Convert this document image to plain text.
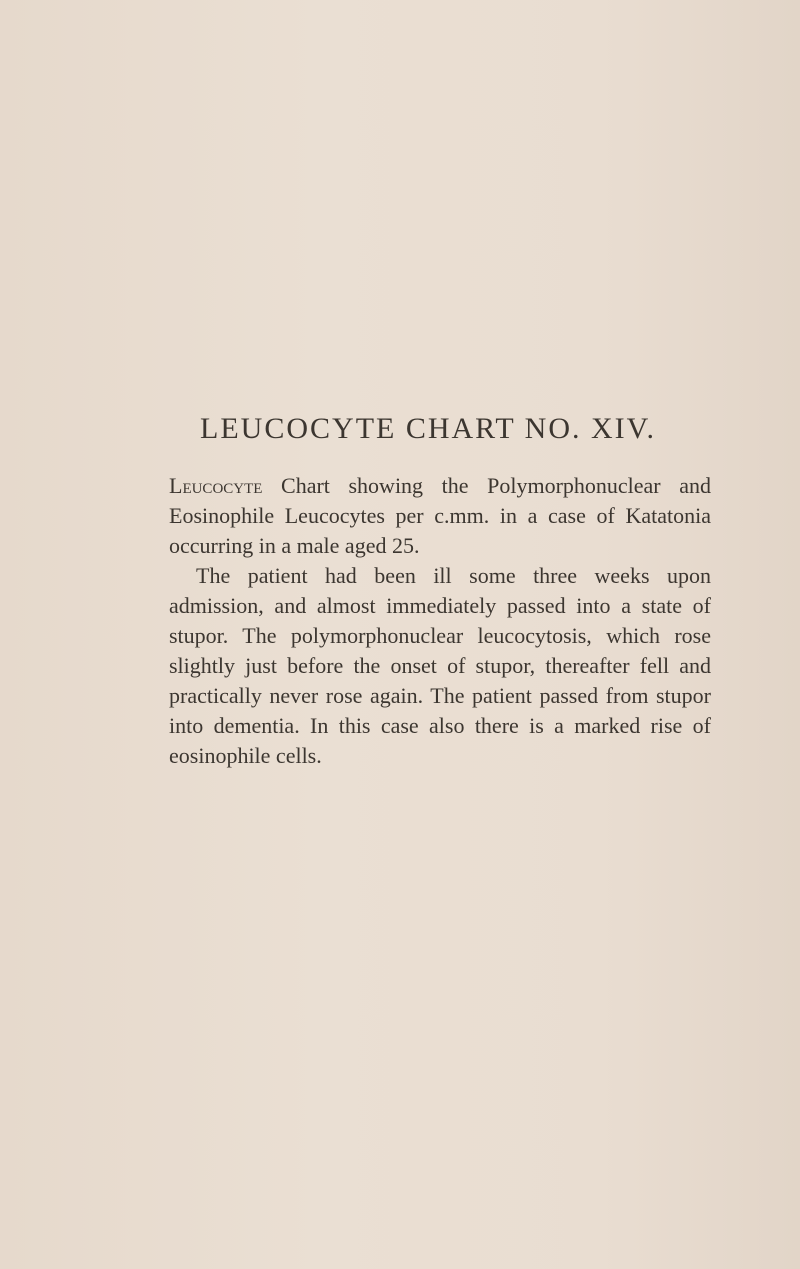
LEUCOCYTE CHART NO. XIV.

Leucocyte Chart showing the Polymorphonuclear and Eosinophile Leucocytes per c.mm. in a case of Katatonia occurring in a male aged 25.

The patient had been ill some three weeks upon admission, and almost immediately passed into a state of stupor. The polymorphonuclear leucocytosis, which rose slightly just before the onset of stupor, thereafter fell and practically never rose again. The patient passed from stupor into dementia. In this case also there is a marked rise of eosinophile cells.
